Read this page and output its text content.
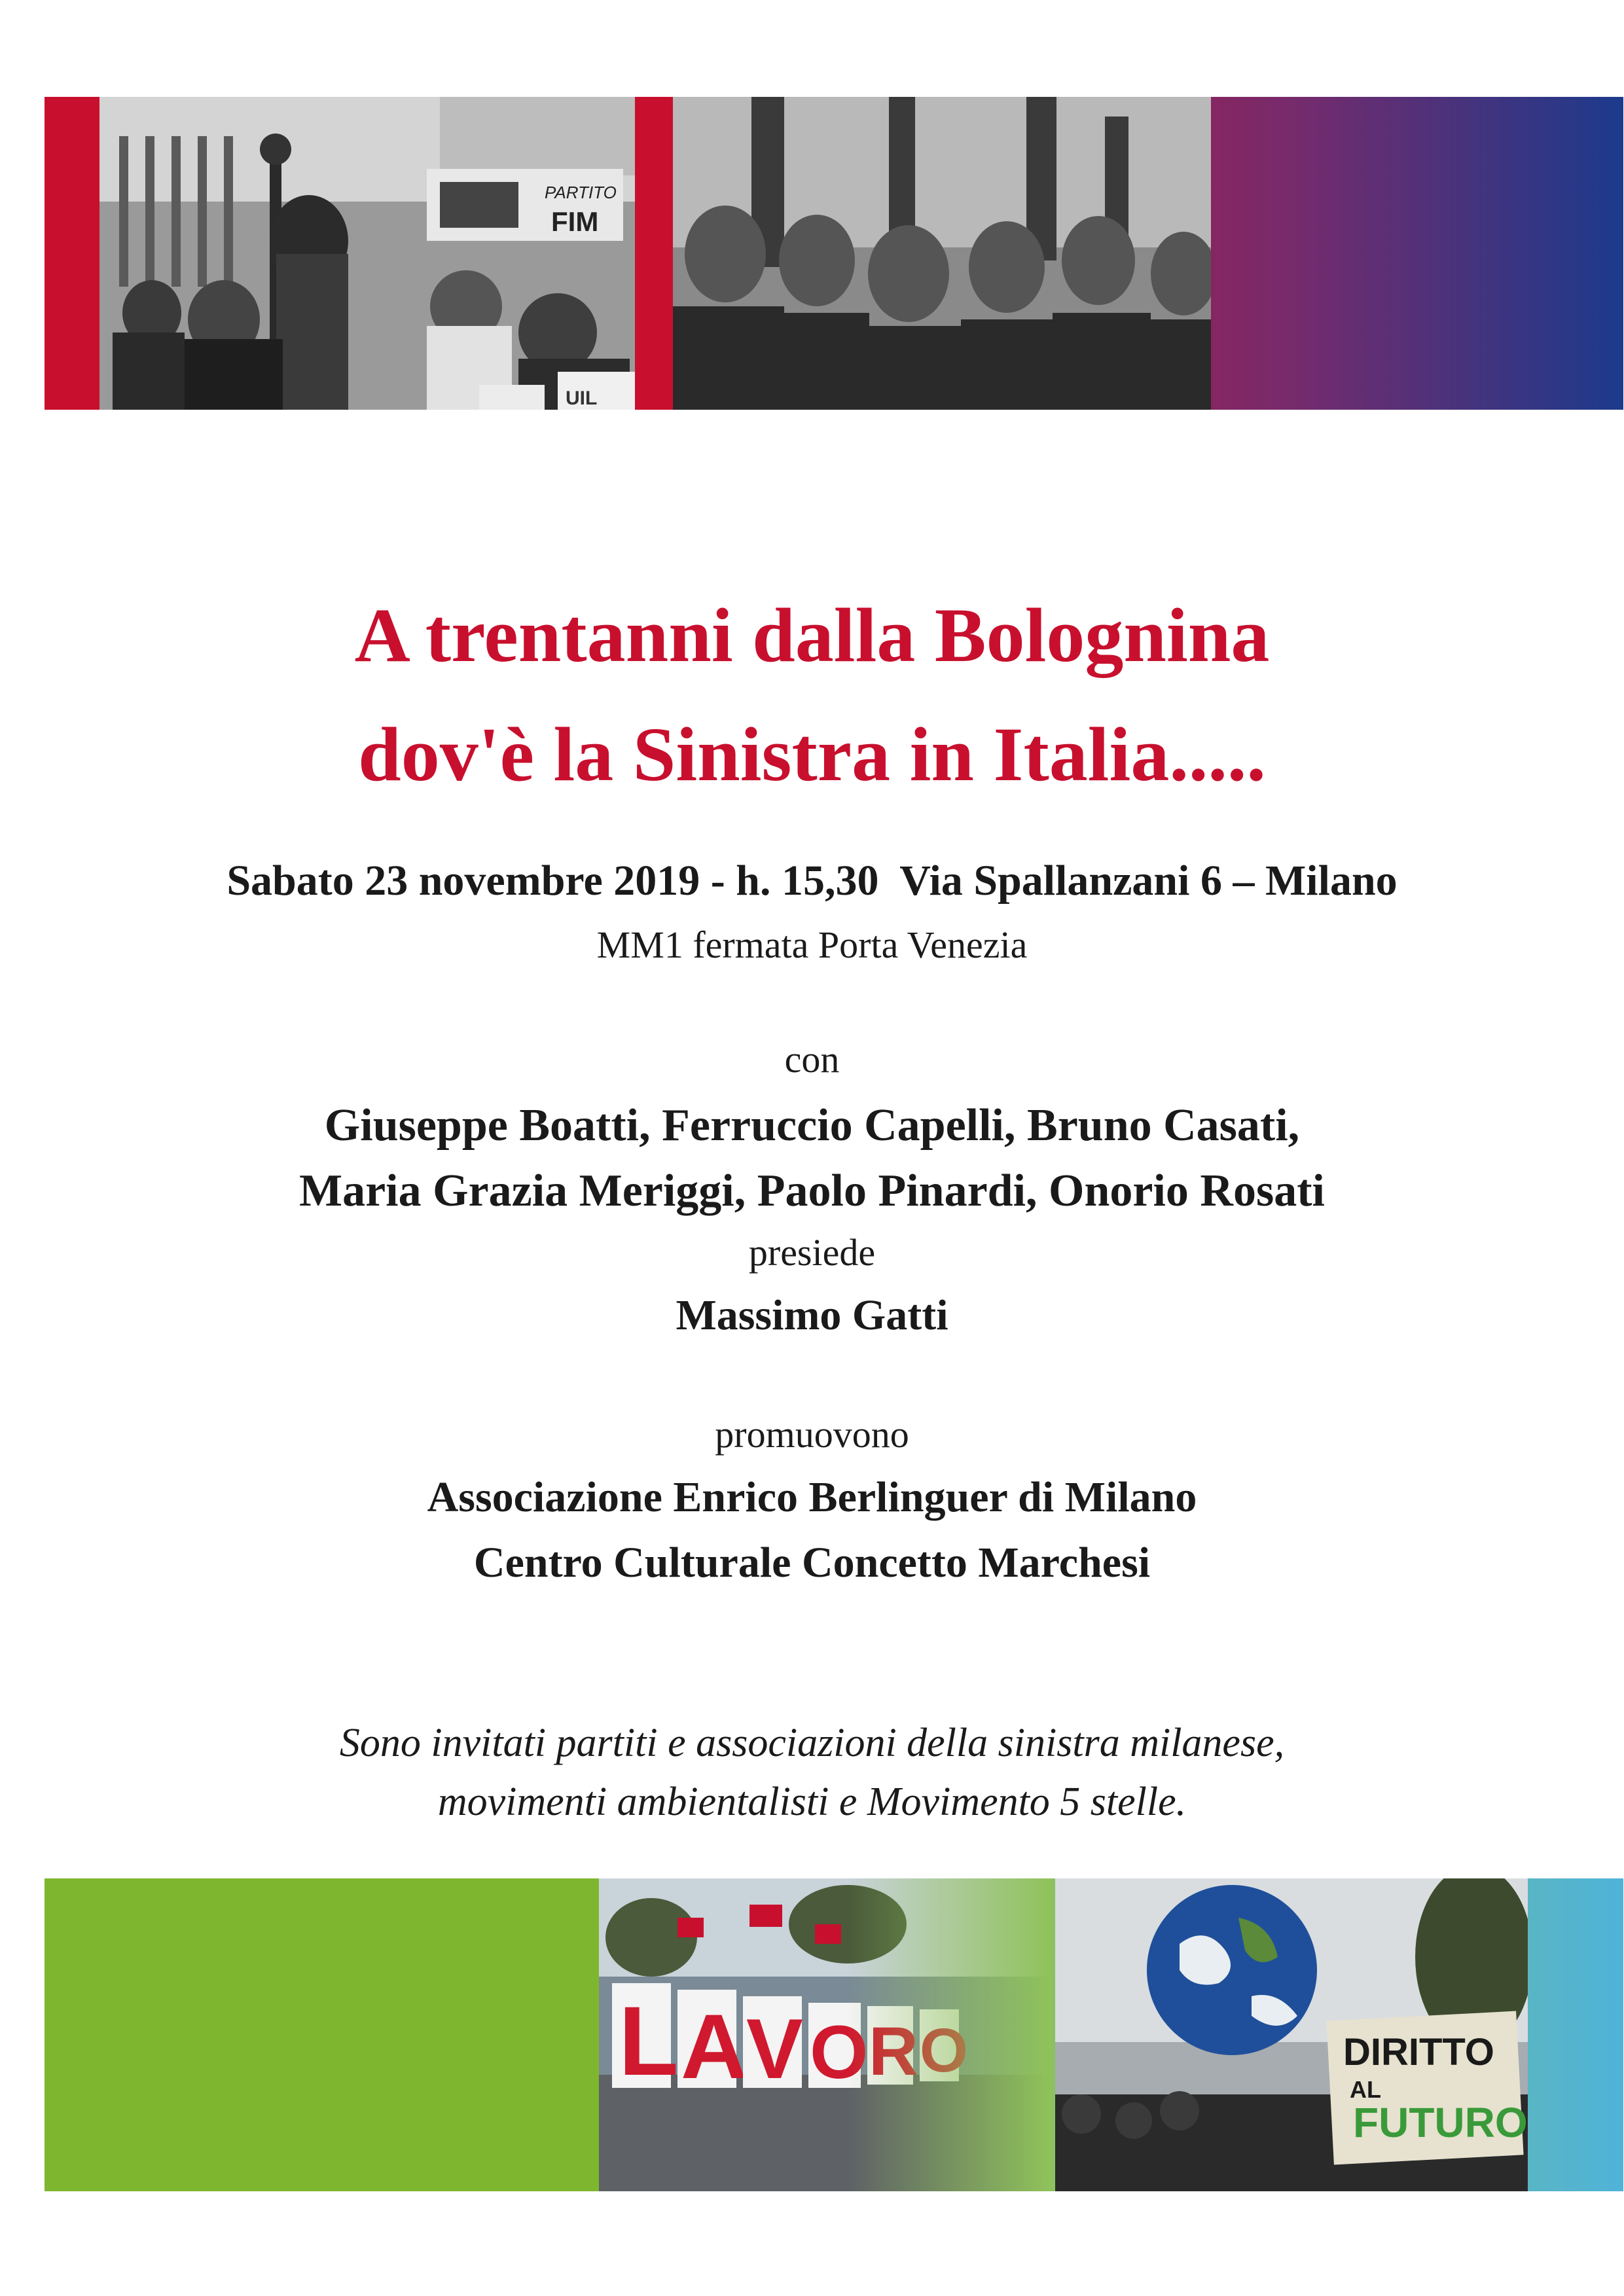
PARTITO
FIM
UIL
A trentanni dalla Bolognina
dov'è la Sinistra in Italia.....
Sabato 23 novembre 2019 - h. 15,30  Via Spallanzani 6 – Milano
MM1 fermata Porta Venezia
con
Giuseppe Boatti, Ferruccio Capelli, Bruno Casati,
Maria Grazia Meriggi, Paolo Pinardi, Onorio Rosati
presiede
Massimo Gatti
promuovono
Associazione Enrico Berlinguer di Milano
Centro Culturale Concetto Marchesi
Sono invitati partiti e associazioni della sinistra milanese,
movimenti ambientalisti e Movimento 5 stelle.
DIRITTO
AL
FUTURO
